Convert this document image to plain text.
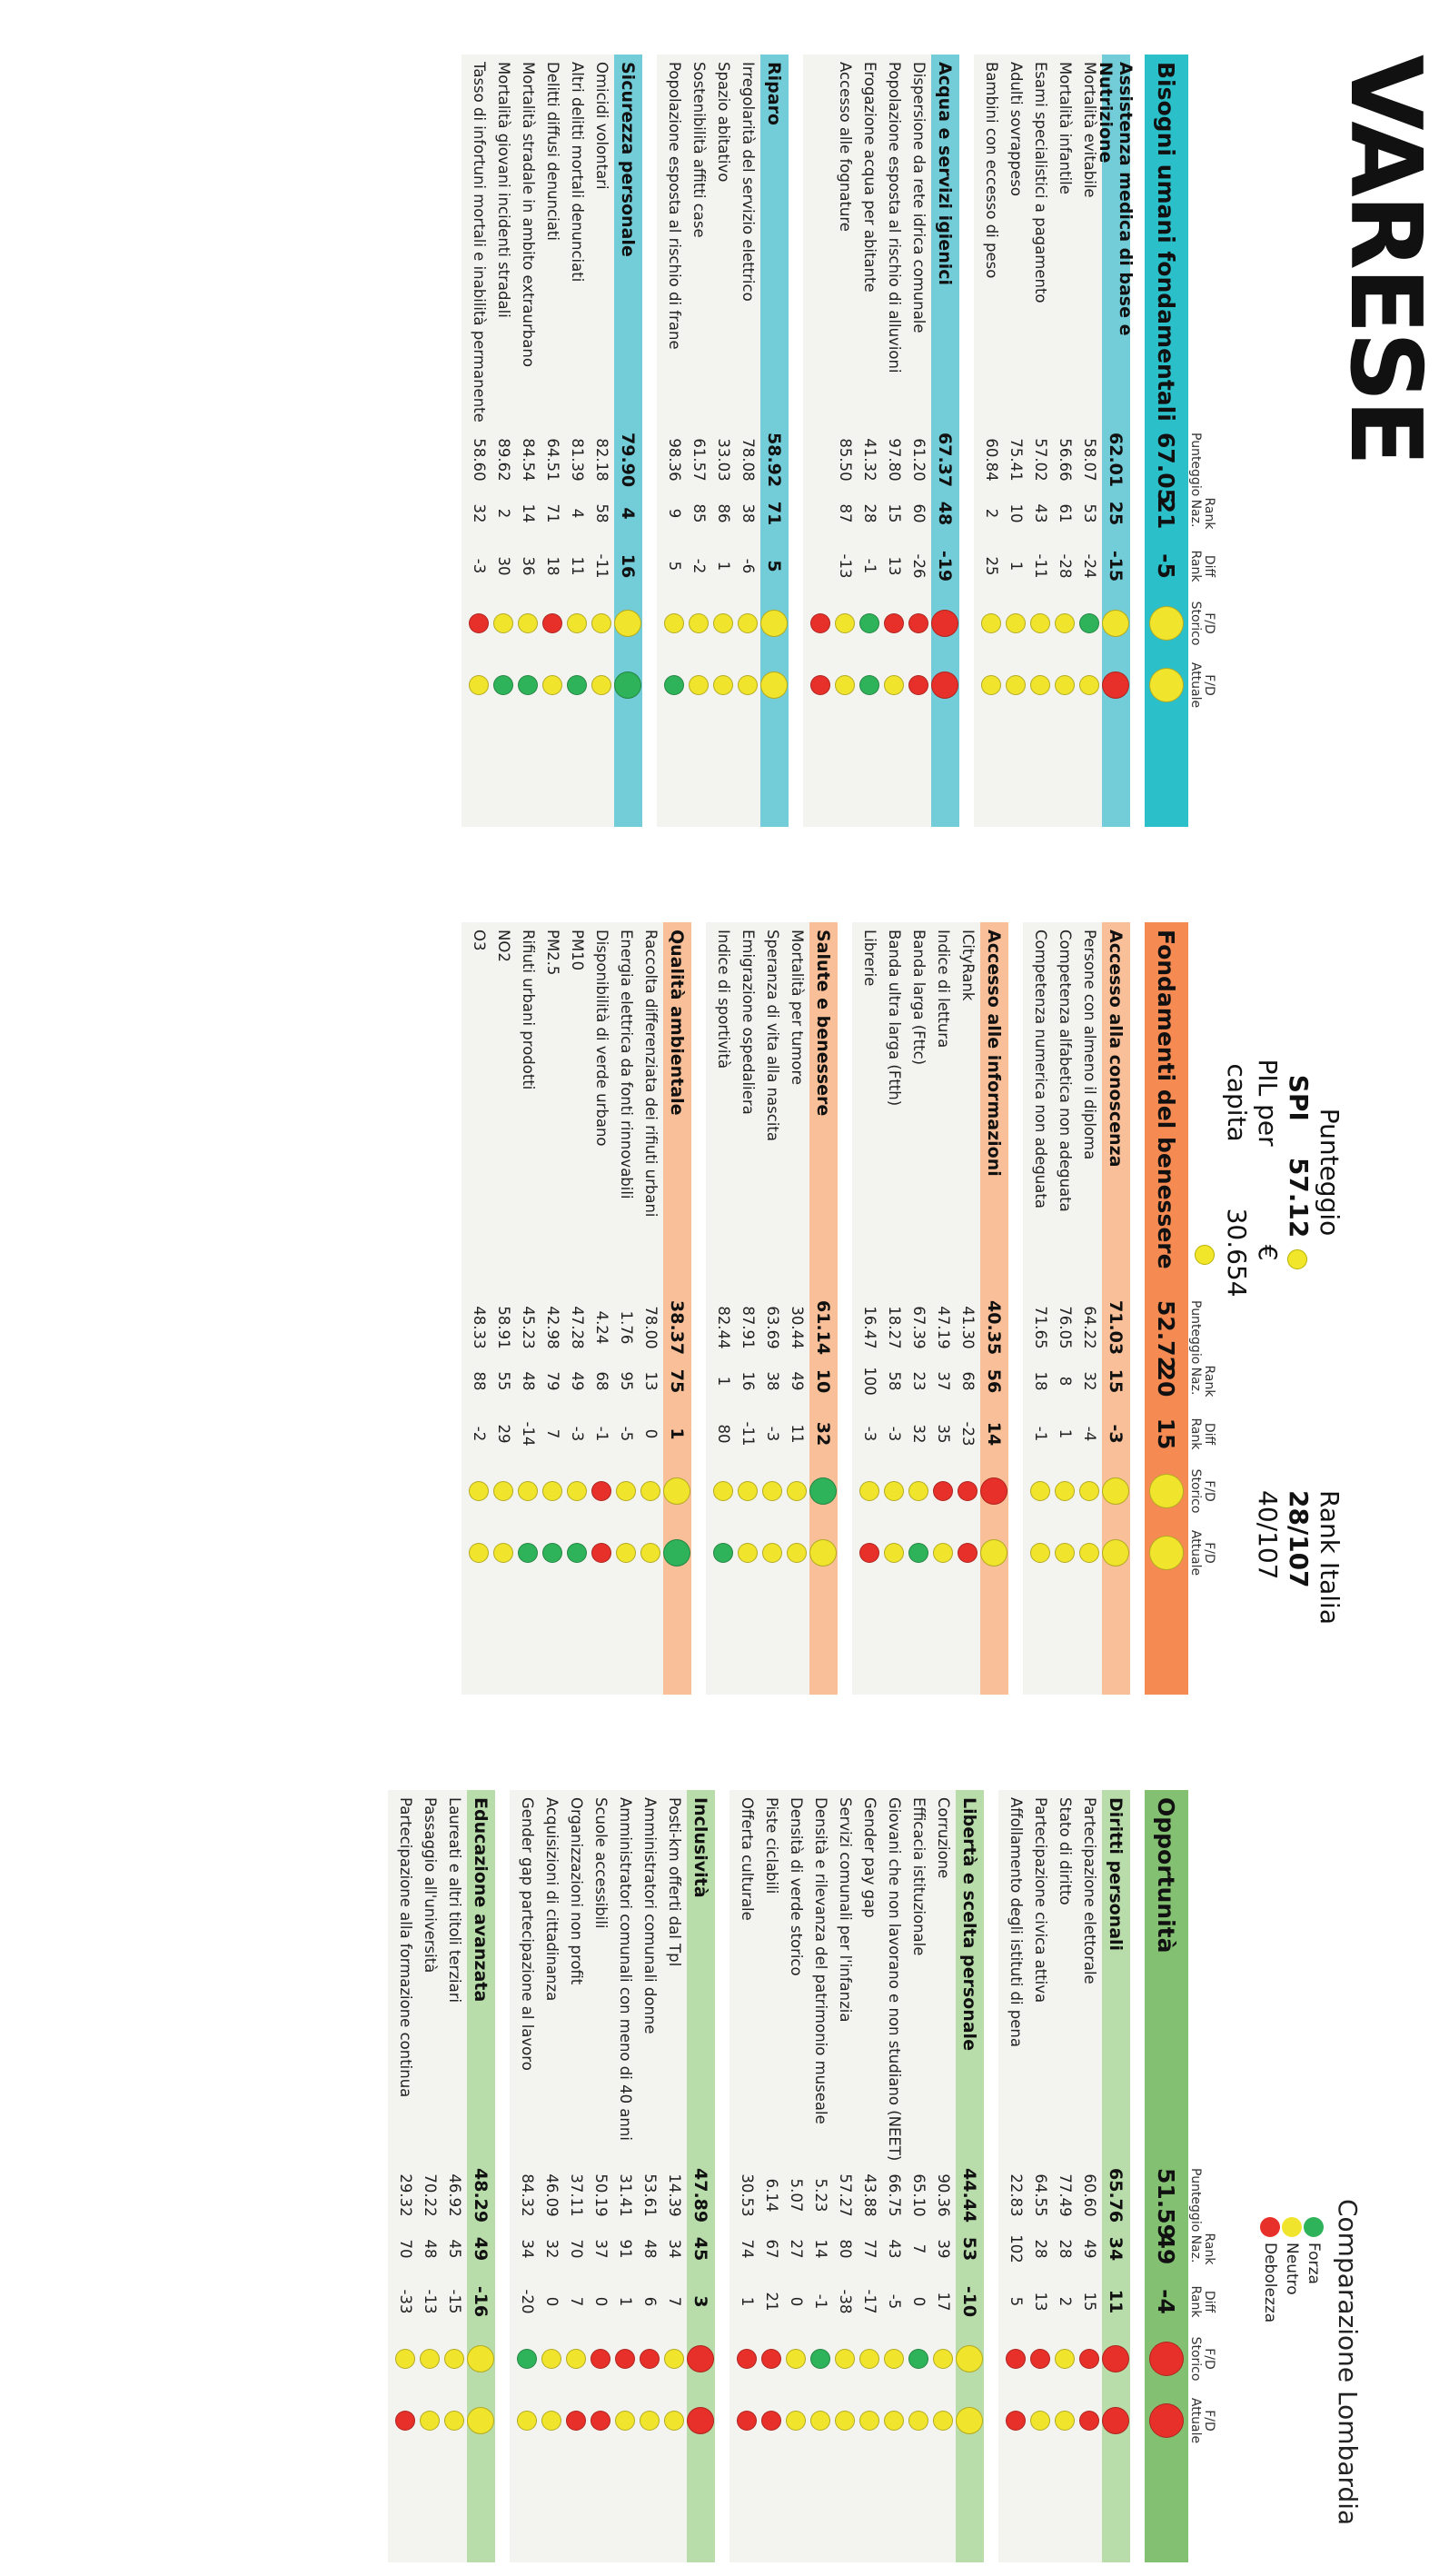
VARESE
Punteggio
SPI
57.12
PIL per capita
€ 30.654
Rank Italia
28/107
40/107
Comparazione Lombardia
Forza
Neutro
Debolezza
Punteggio
Rank Naz.
Diff Rank
F/D Storico
F/D Attuale
Bisogni umani fondamentali
67.05
21
-5
Assistenza medica di base e Nutrizione
62.01
25
-15
Mortalità evitabile
58.07
53
-24
Mortalità infantile
56.66
61
-28
Esami specialistici a pagamento
57.02
43
-11
Adulti sovrappeso
75.41
10
1
Bambini con eccesso di peso
60.84
2
25
Acqua e servizi igienici
67.37
48
-19
Dispersione da rete idrica comunale
61.20
60
-26
Popolazione esposta al rischio di alluvioni
97.80
15
13
Erogazione acqua per abitante
41.32
28
-1
Accesso alle fognature
85.50
87
-13
Riparo
58.92
71
5
Irregolarità del servizio elettrico
78.08
38
-6
Spazio abitativo
33.03
86
1
Sostenibilità affitti case
61.57
85
-2
Popolazione esposta al rischio di frane
98.36
9
5
Sicurezza personale
79.90
4
16
Omicidi volontari
82.18
58
-11
Altri delitti mortali denunciati
81.39
4
11
Delitti diffusi denunciati
64.51
71
18
Mortalità stradale in ambito extraurbano
84.54
14
36
Mortalità giovani incidenti stradali
89.62
2
30
Tasso di infortuni mortali e inabilità permanente
58.60
32
-3
Punteggio
Rank Naz.
Diff Rank
F/D Storico
F/D Attuale
Fondamenti del benessere
52.72
20
15
Accesso alla conoscenza
71.03
15
-3
Persone con almeno il diploma
64.22
32
-4
Competenza alfabetica non adeguata
76.05
8
1
Competenza numerica non adeguata
71.65
18
-1
Accesso alle informazioni
40.35
56
14
ICityRank
41.30
68
-23
Indice di lettura
47.19
37
35
Banda larga (Fttc)
67.39
23
32
Banda ultra larga (Ftth)
18.27
58
-3
Librerie
16.47
100
-3
Salute e benessere
61.14
10
32
Mortalità per tumore
30.44
49
11
Speranza di vita alla nascita
63.69
38
-3
Emigrazione ospedaliera
87.91
16
-11
Indice di sportività
82.44
1
80
Qualità ambientale
38.37
75
1
Raccolta differenziata dei rifiuti urbani
78.00
13
0
Energia elettrica da fonti rinnovabili
1.76
95
-5
Disponibilità di verde urbano
4.24
68
-1
PM10
47.28
49
-3
PM2.5
42.98
79
7
Rifiuti urbani prodotti
45.23
48
-14
NO2
58.91
55
29
O3
48.33
88
-2
Punteggio
Rank Naz.
Diff Rank
F/D Storico
F/D Attuale
Opportunità
51.59
49
-4
Diritti personali
65.76
34
11
Partecipazione elettorale
60.60
49
15
Stato di diritto
77.49
28
2
Partecipazione civica attiva
64.55
28
13
Affollamento degli istituti di pena
22.83
102
5
Libertà e scelta personale
44.44
53
-10
Corruzione
90.36
39
17
Efficacia istituzionale
65.10
7
0
Giovani che non lavorano e non studiano (NEET)
66.75
43
-5
Gender pay gap
43.88
77
-17
Servizi comunali per l'infanzia
57.27
80
-38
Densità e rilevanza del patrimonio museale
5.23
14
-1
Densità di verde storico
5.07
27
0
Piste ciclabili
6.14
67
21
Offerta culturale
30.53
74
1
Inclusività
47.89
45
3
Posti-km offerti dal Tpl
14.39
34
7
Amministratori comunali donne
53.61
48
6
Amministratori comunali con meno di 40 anni
31.41
91
1
Scuole accessibili
50.19
37
0
Organizzazioni non profit
37.11
70
7
Acquisizioni di cittadinanza
46.09
32
0
Gender gap partecipazione al lavoro
84.32
34
-20
Educazione avanzata
48.29
49
-16
Laureati e altri titoli terziari
46.92
45
-15
Passaggio all'università
70.22
48
-13
Partecipazione alla formazione continua
29.32
70
-33
